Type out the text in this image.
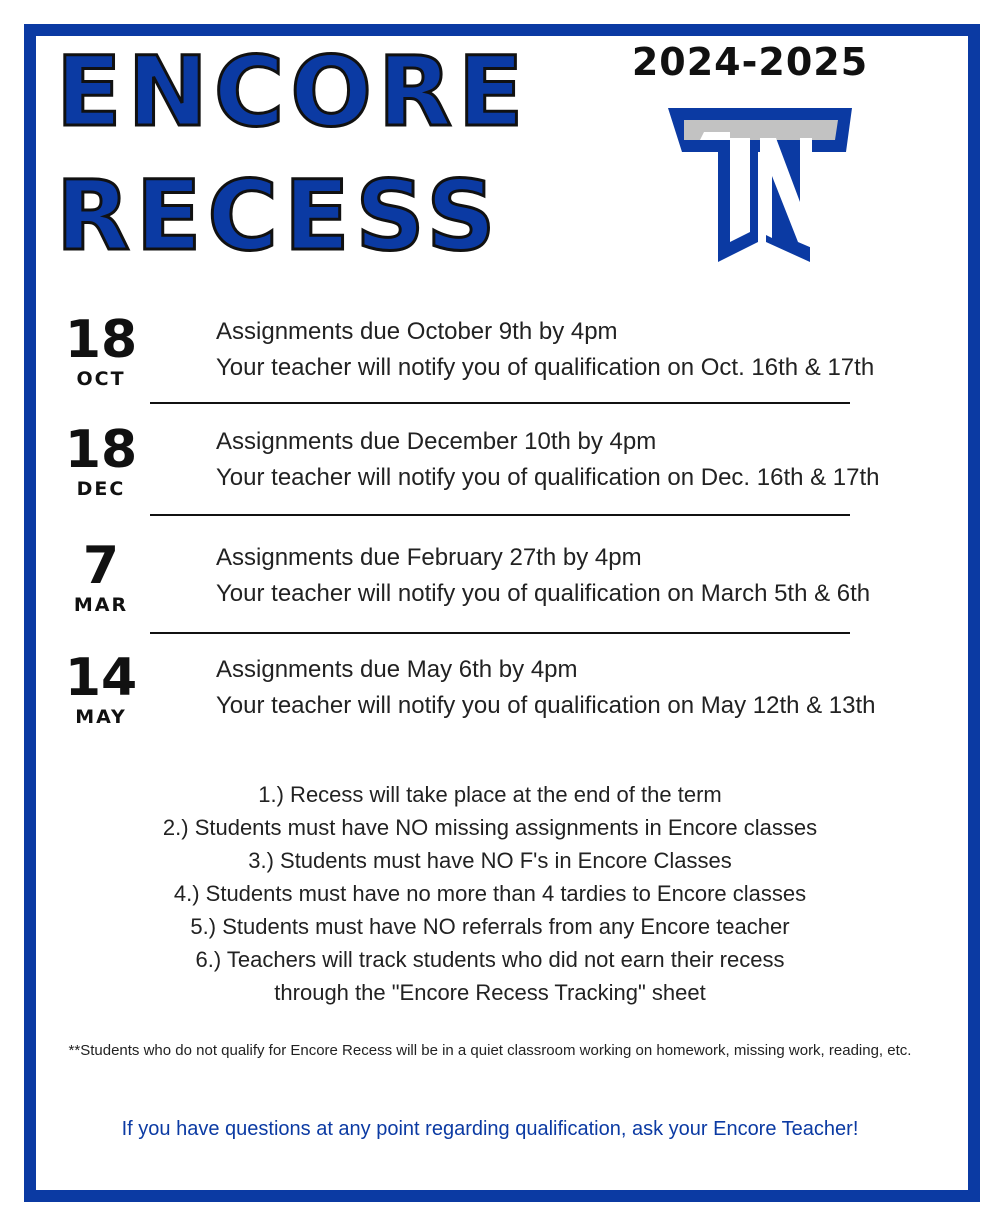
ENCORE
RECESS
2024-2025
18
OCT
Assignments due October 9th by 4pm
Your teacher will notify you of qualification on Oct. 16th & 17th
18
DEC
Assignments due December 10th by 4pm
Your teacher will notify you of qualification on Dec. 16th & 17th
7
MAR
Assignments due February 27th by 4pm
Your teacher will notify you of qualification on March 5th & 6th
14
MAY
Assignments due May 6th by 4pm
Your teacher will notify you of qualification on May 12th & 13th
1.) Recess will take place at the end of the term
2.) Students must have NO missing assignments in Encore classes
3.) Students must have NO F's in Encore Classes
4.) Students must have no more than 4 tardies to Encore classes
5.) Students must have NO referrals from any Encore teacher
6.) Teachers will track students who did not earn their recess
through the "Encore Recess Tracking" sheet
**Students who do not qualify for Encore Recess will be in a quiet classroom working on homework, missing work, reading, etc.
If you have questions at any point regarding qualification, ask your Encore Teacher!
